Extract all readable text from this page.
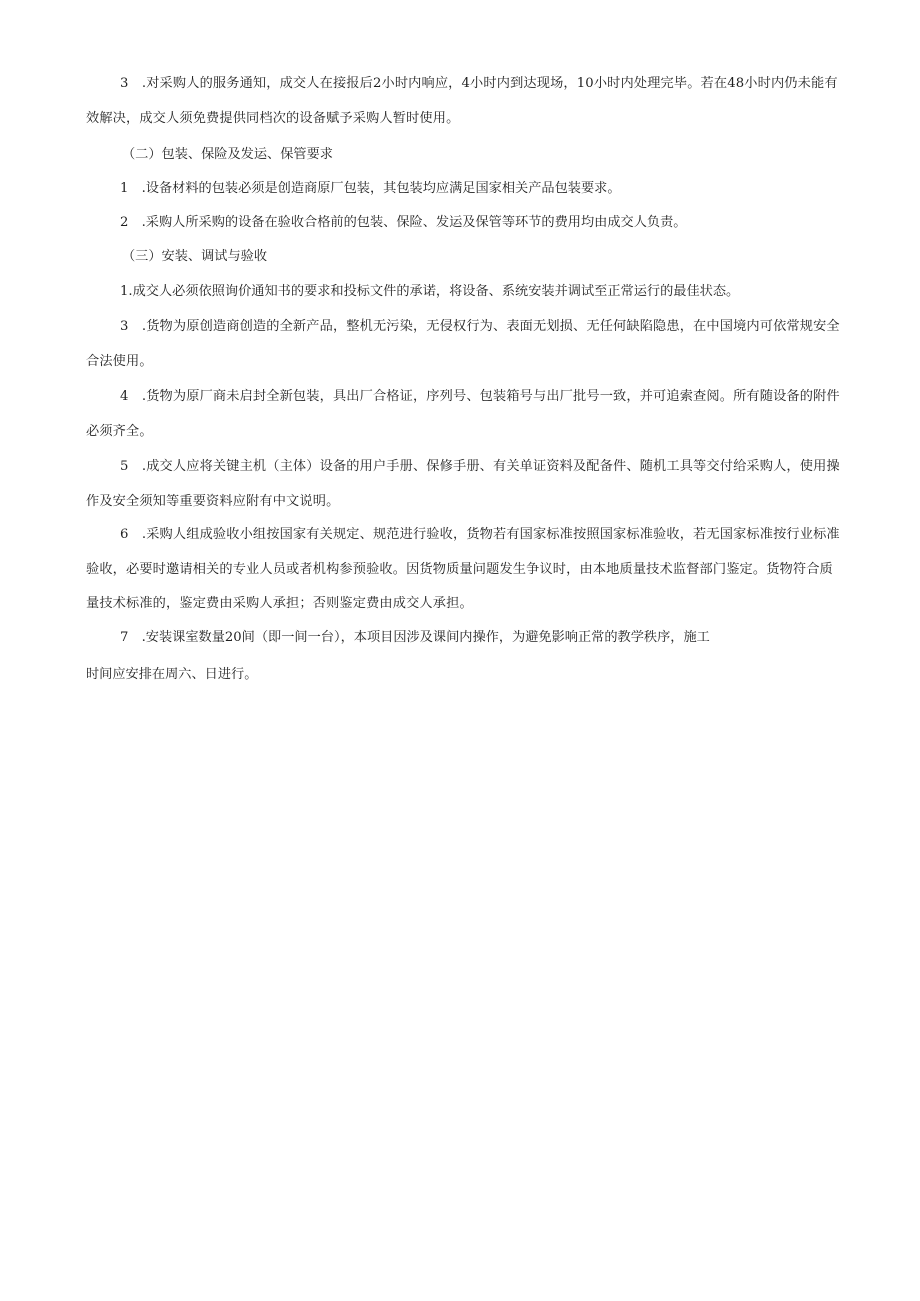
3　.对采购人的服务通知，成交人在接报后2小时内响应，4小时内到达现场，10小时内处理完毕。若在48小时内仍未能有效解决，成交人须免费提供同档次的设备赋予采购人暂时使用。

（二）包装、保险及发运、保管要求

1　.设备材料的包装必须是创造商原厂包装，其包装均应满足国家相关产品包装要求。

2　.采购人所采购的设备在验收合格前的包装、保险、发运及保管等环节的费用均由成交人负责。

（三）安装、调试与验收

1.成交人必须依照询价通知书的要求和投标文件的承诺，将设备、系统安装并调试至正常运行的最佳状态。

3　.货物为原创造商创造的全新产品，整机无污染，无侵权行为、表面无划损、无任何缺陷隐患，在中国境内可依常规安全合法使用。

4　.货物为原厂商未启封全新包装，具出厂合格证，序列号、包装箱号与出厂批号一致，并可追索查阅。所有随设备的附件必须齐全。

5　.成交人应将关键主机（主体）设备的用户手册、保修手册、有关单证资料及配备件、随机工具等交付给采购人，使用操作及安全须知等重要资料应附有中文说明。

6　.采购人组成验收小组按国家有关规定、规范进行验收，货物若有国家标准按照国家标准验收，若无国家标准按行业标准验收，必要时邀请相关的专业人员或者机构参预验收。因货物质量问题发生争议时，由本地质量技术监督部门鉴定。货物符合质量技术标准的，鉴定费由采购人承担；否则鉴定费由成交人承担。

7　.安装课室数量20间（即一间一台），本项目因涉及课间内操作，为避免影响正常的教学秩序，施工

时间应安排在周六、日进行。
